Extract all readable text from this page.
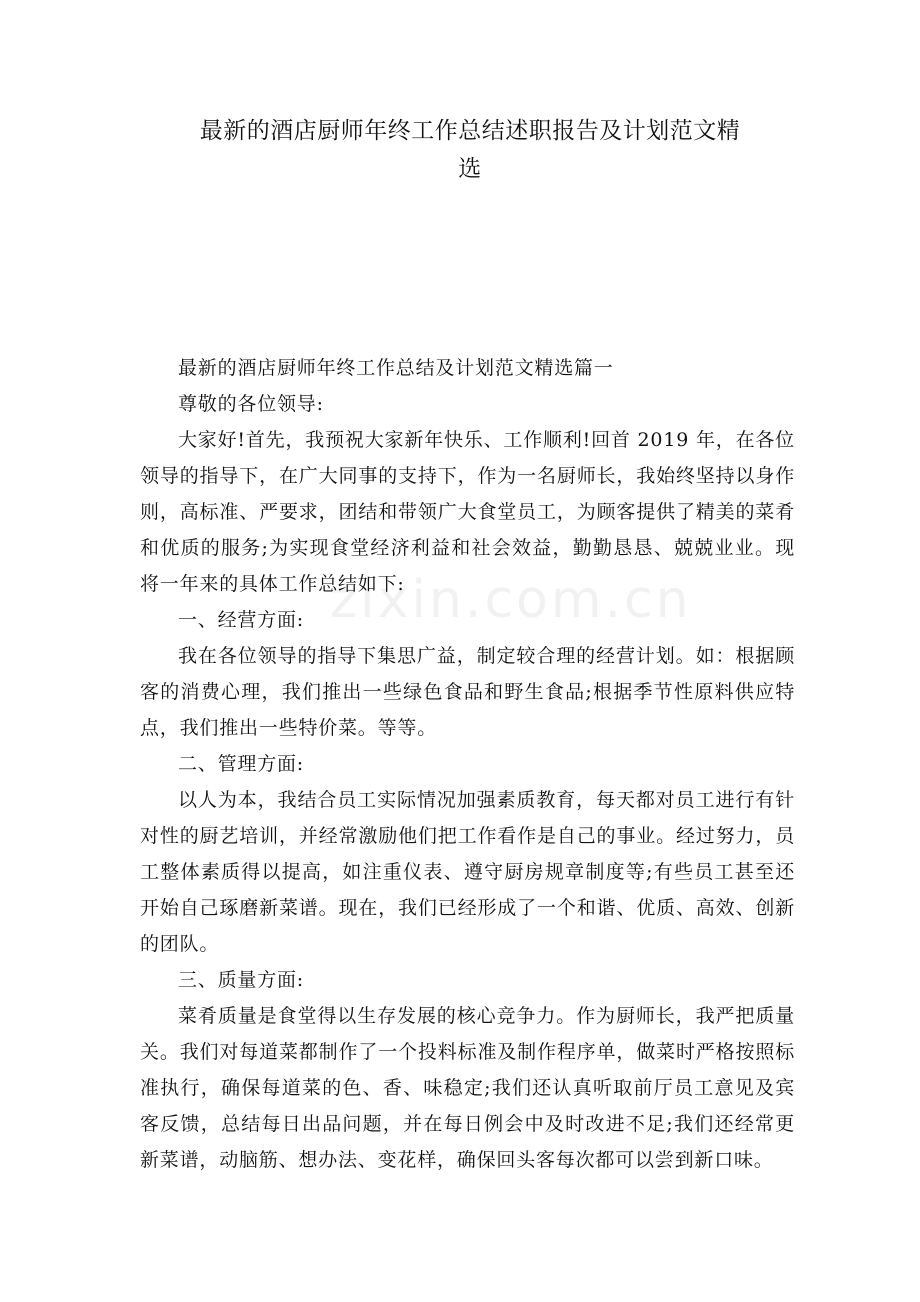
最新的酒店厨师年终工作总结述职报告及计划范文精
选
zixin.com.cn

最新的酒店厨师年终工作总结及计划范文精选篇一

尊敬的各位领导:

大家好!首先，我预祝大家新年快乐、工作顺利!回首 2019 年，在各位领导的指导下，在广大同事的支持下，作为一名厨师长，我始终坚持以身作则，高标准、严要求，团结和带领广大食堂员工，为顾客提供了精美的菜肴和优质的服务;为实现食堂经济利益和社会效益，勤勤恳恳、兢兢业业。现将一年来的具体工作总结如下:

一、经营方面:

我在各位领导的指导下集思广益，制定较合理的经营计划。如：根据顾客的消费心理，我们推出一些绿色食品和野生食品;根据季节性原料供应特点，我们推出一些特价菜。等等。

二、管理方面:

以人为本，我结合员工实际情况加强素质教育，每天都对员工进行有针对性的厨艺培训，并经常激励他们把工作看作是自己的事业。经过努力，员工整体素质得以提高，如注重仪表、遵守厨房规章制度等;有些员工甚至还开始自己琢磨新菜谱。现在，我们已经形成了一个和谐、优质、高效、创新的团队。

三、质量方面:

菜肴质量是食堂得以生存发展的核心竞争力。作为厨师长，我严把质量关。我们对每道菜都制作了一个投料标准及制作程序单，做菜时严格按照标准执行，确保每道菜的色、香、味稳定;我们还认真听取前厅员工意见及宾客反馈，总结每日出品问题，并在每日例会中及时改进不足;我们还经常更新菜谱，动脑筋、想办法、变花样，确保回头客每次都可以尝到新口味。
